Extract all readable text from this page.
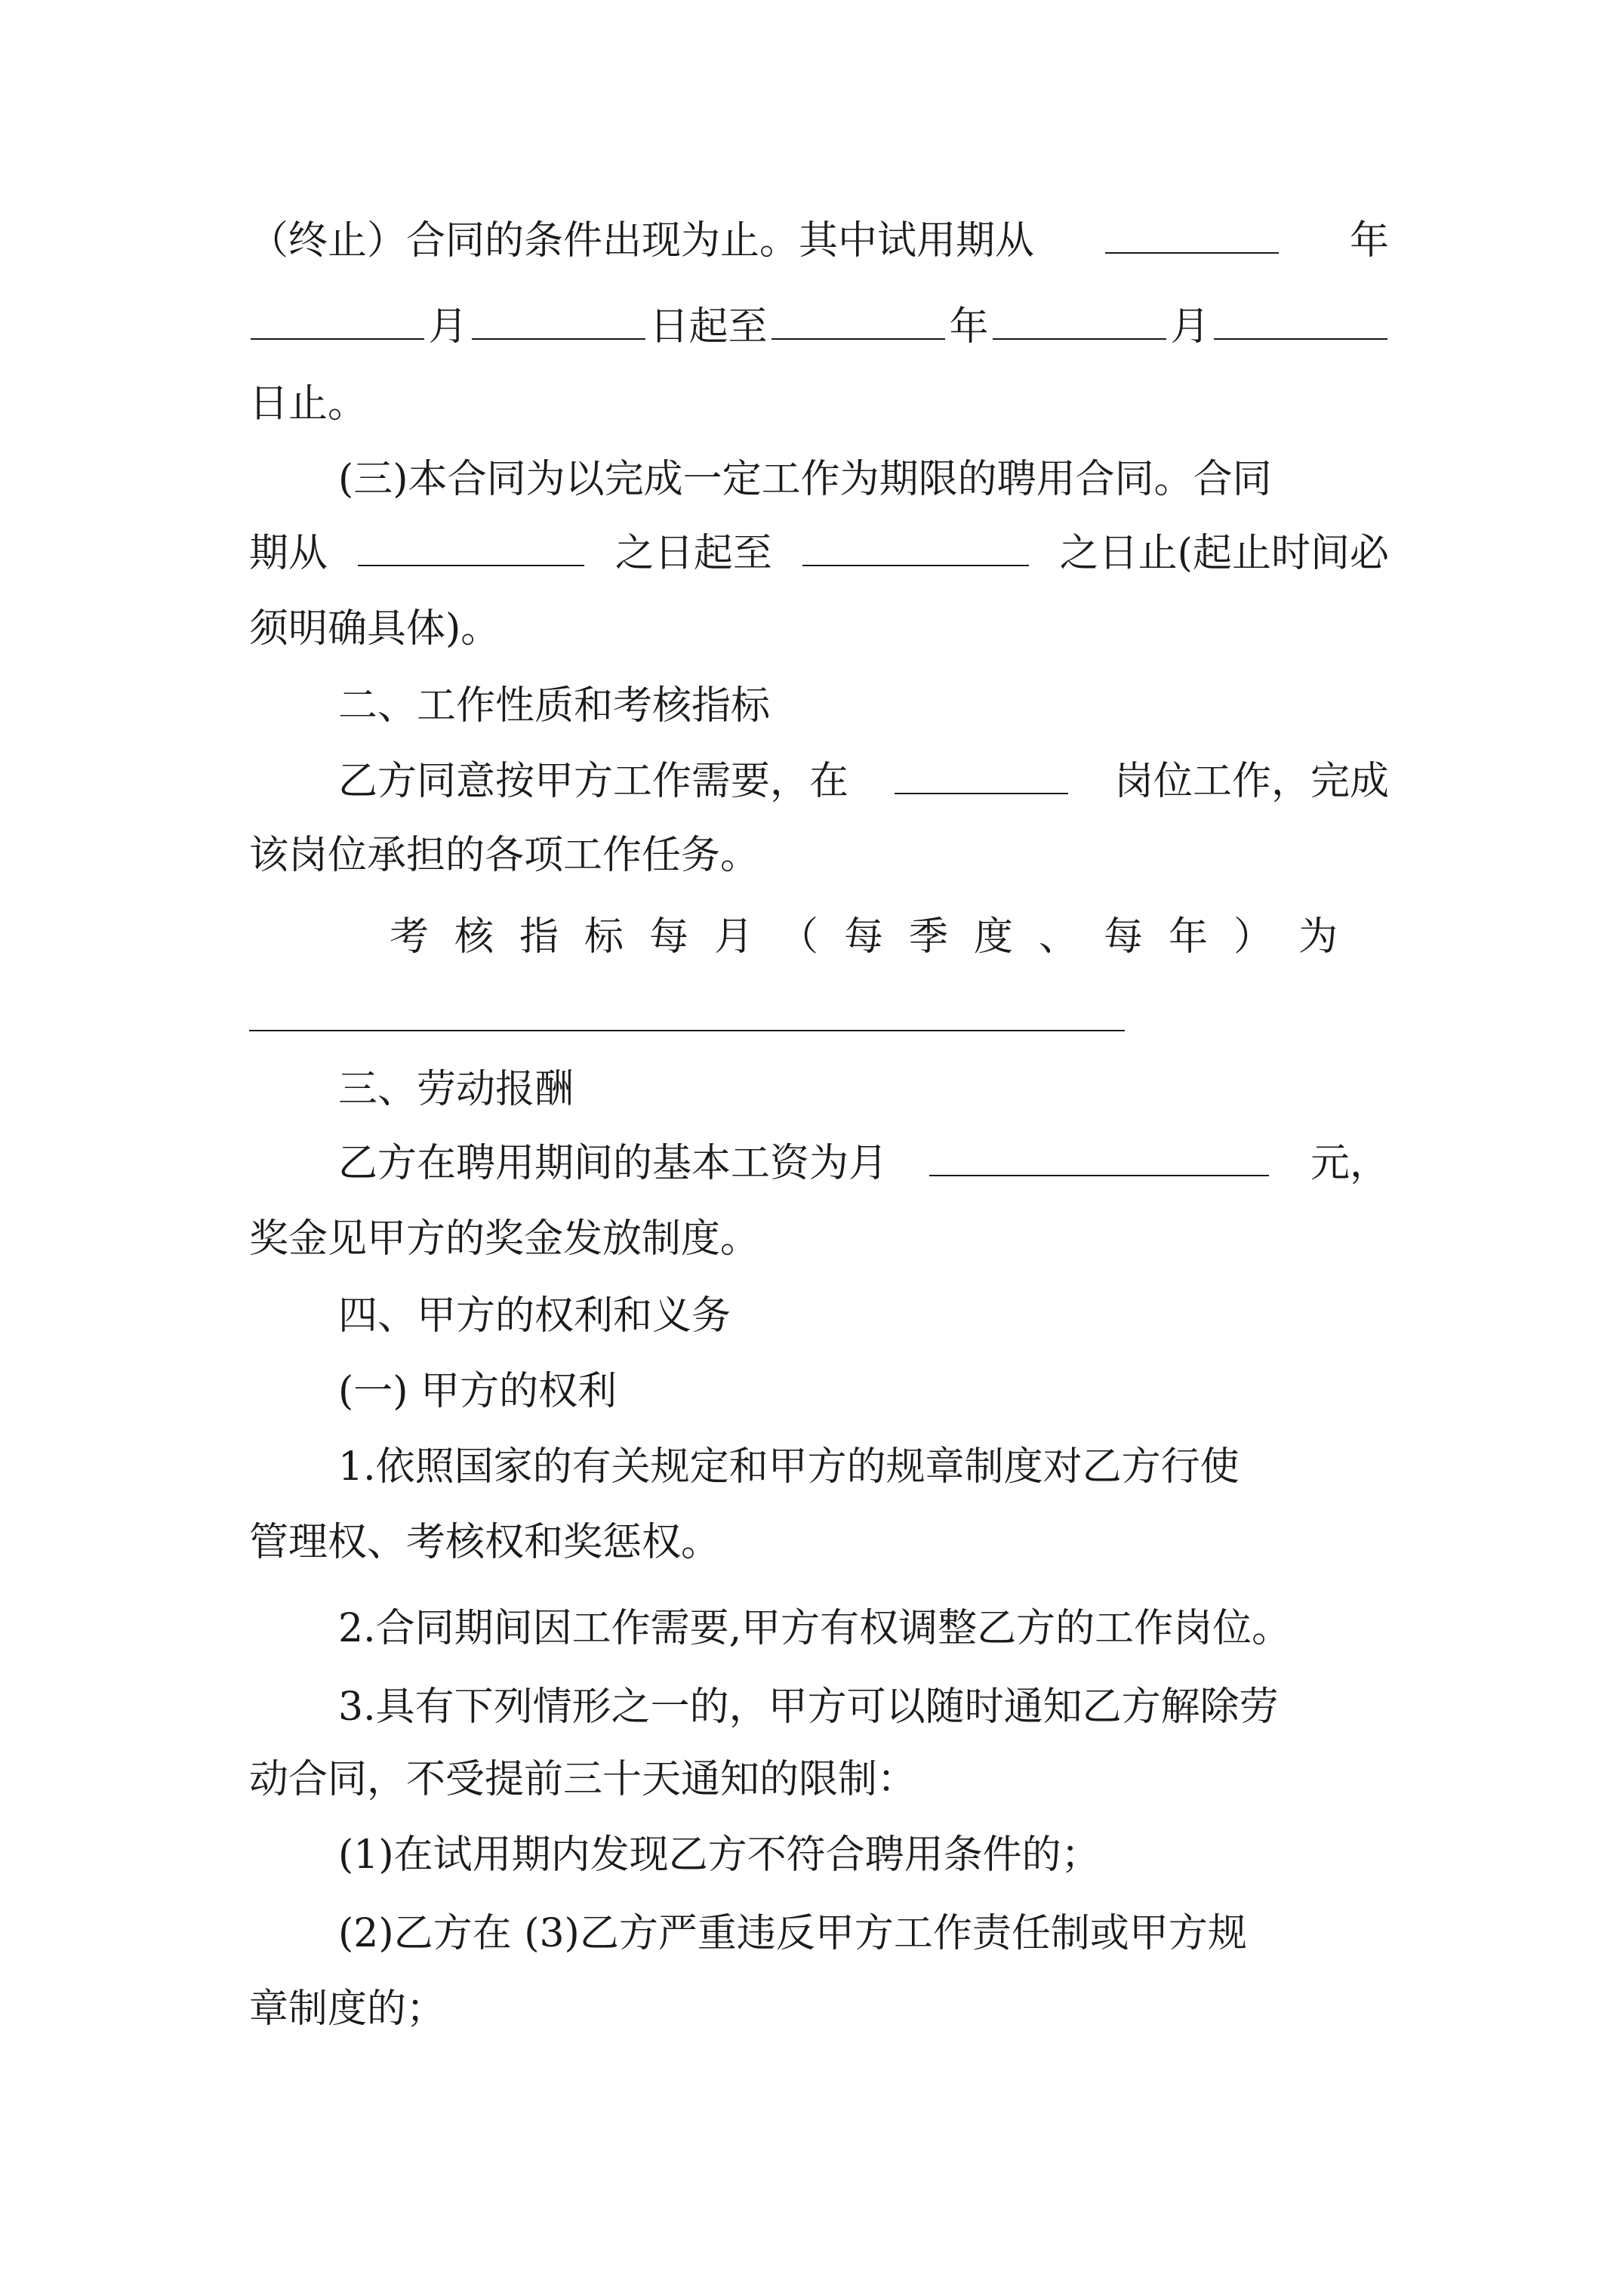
（终止）合同的条件出现为止。其中试用期从	年
月	日起至	年	月
日止。
(三)本合同为以完成一定工作为期限的聘用合同。合同
期从	之日起至	之日止(起止时间必
须明确具体)。
二、工作性质和考核指标
乙方同意按甲方工作需要，在	岗位工作，完成
该岗位承担的各项工作任务。
考核指标每月（每季度、每年）为
三、劳动报酬
乙方在聘用期间的基本工资为月	元，
奖金见甲方的奖金发放制度。
四、甲方的权利和义务
(一) 甲方的权利
1.依照国家的有关规定和甲方的规章制度对乙方行使
管理权、考核权和奖惩权。
2.合同期间因工作需要,甲方有权调整乙方的工作岗位。
3.具有下列情形之一的，甲方可以随时通知乙方解除劳
动合同，不受提前三十天通知的限制：
(1)在试用期内发现乙方不符合聘用条件的；
(2)乙方在 (3)乙方严重违反甲方工作责任制或甲方规
章制度的；
